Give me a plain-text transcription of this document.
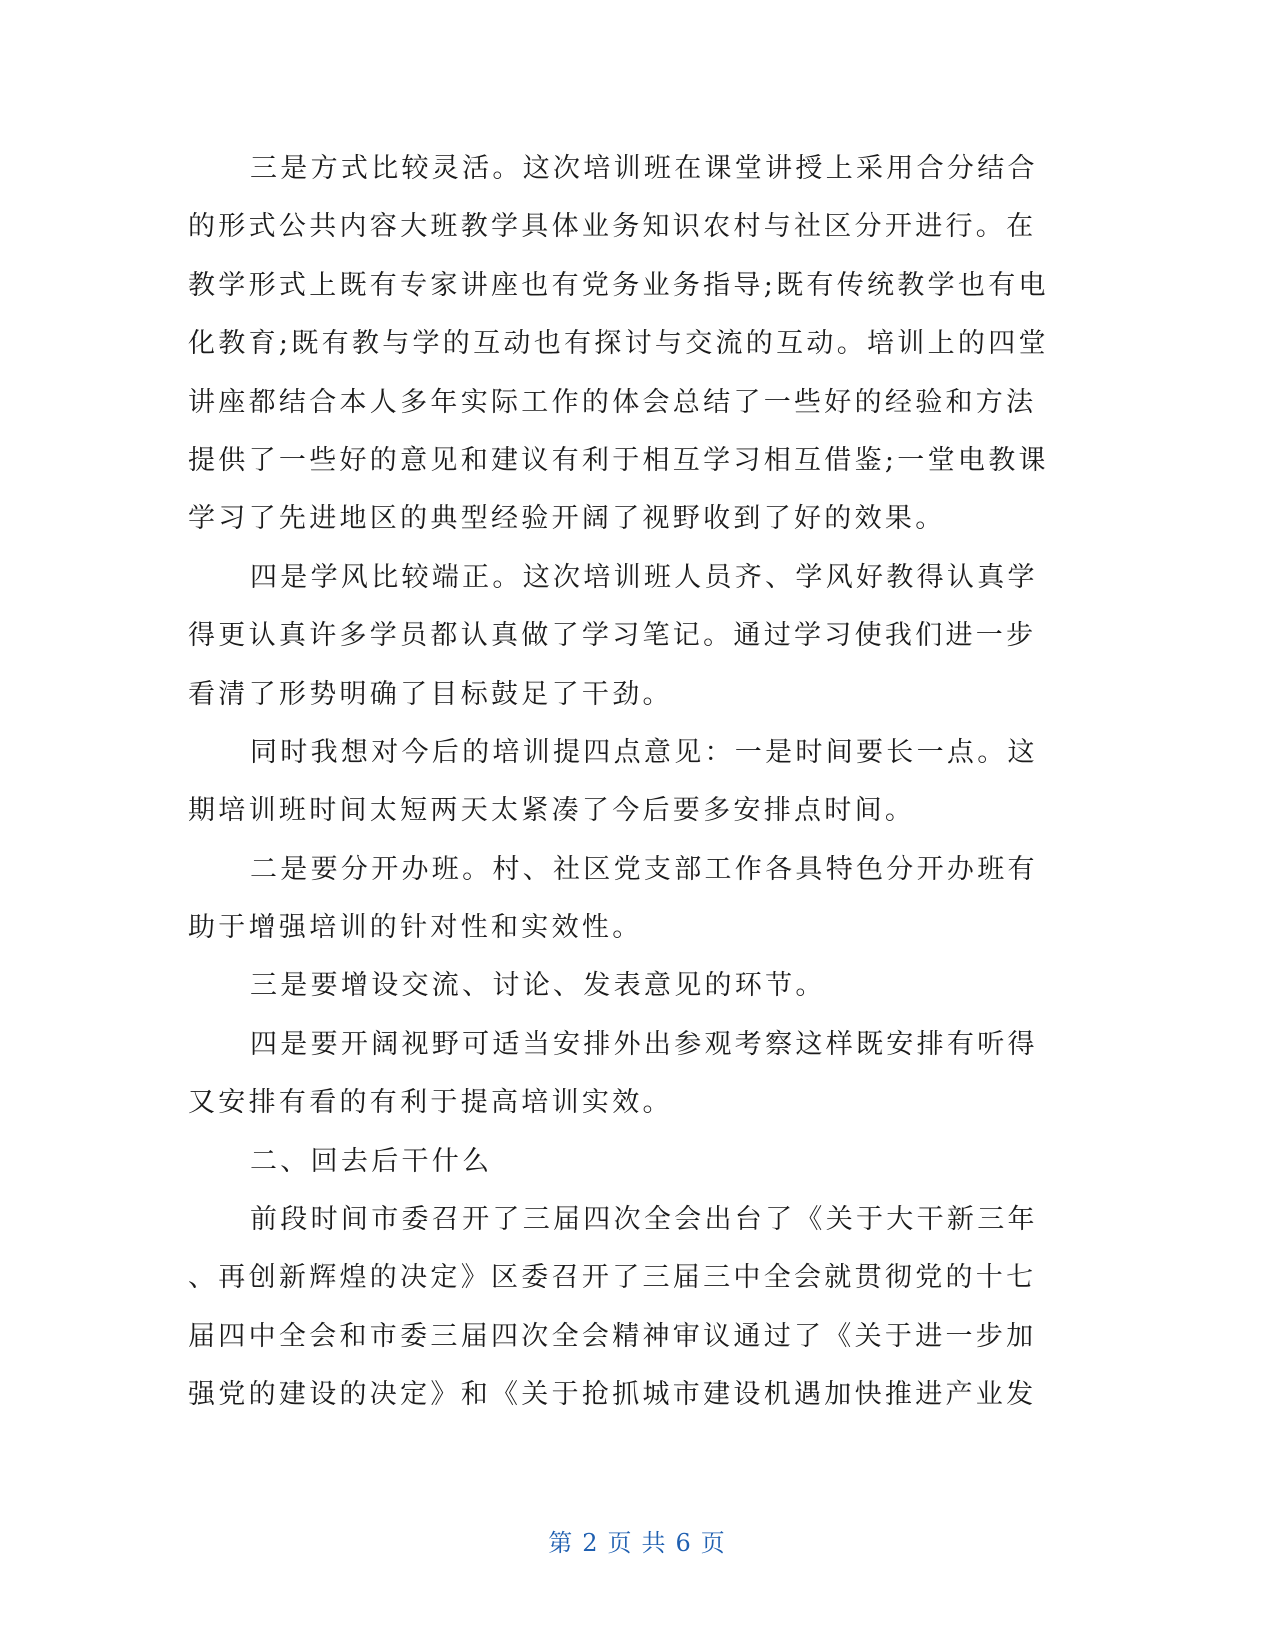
三是方式比较灵活。这次培训班在课堂讲授上采用合分结合
的形式公共内容大班教学具体业务知识农村与社区分开进行。在
教学形式上既有专家讲座也有党务业务指导;既有传统教学也有电
化教育;既有教与学的互动也有探讨与交流的互动。培训上的四堂
讲座都结合本人多年实际工作的体会总结了一些好的经验和方法
提供了一些好的意见和建议有利于相互学习相互借鉴;一堂电教课
学习了先进地区的典型经验开阔了视野收到了好的效果。
四是学风比较端正。这次培训班人员齐、学风好教得认真学
得更认真许多学员都认真做了学习笔记。通过学习使我们进一步
看清了形势明确了目标鼓足了干劲。
同时我想对今后的培训提四点意见：一是时间要长一点。这
期培训班时间太短两天太紧凑了今后要多安排点时间。
二是要分开办班。村、社区党支部工作各具特色分开办班有
助于增强培训的针对性和实效性。
三是要增设交流、讨论、发表意见的环节。
四是要开阔视野可适当安排外出参观考察这样既安排有听得
又安排有看的有利于提高培训实效。
二、回去后干什么
前段时间市委召开了三届四次全会出台了《关于大干新三年
、再创新辉煌的决定》区委召开了三届三中全会就贯彻党的十七
届四中全会和市委三届四次全会精神审议通过了《关于进一步加
强党的建设的决定》和《关于抢抓城市建设机遇加快推进产业发
第 2 页 共 6 页
